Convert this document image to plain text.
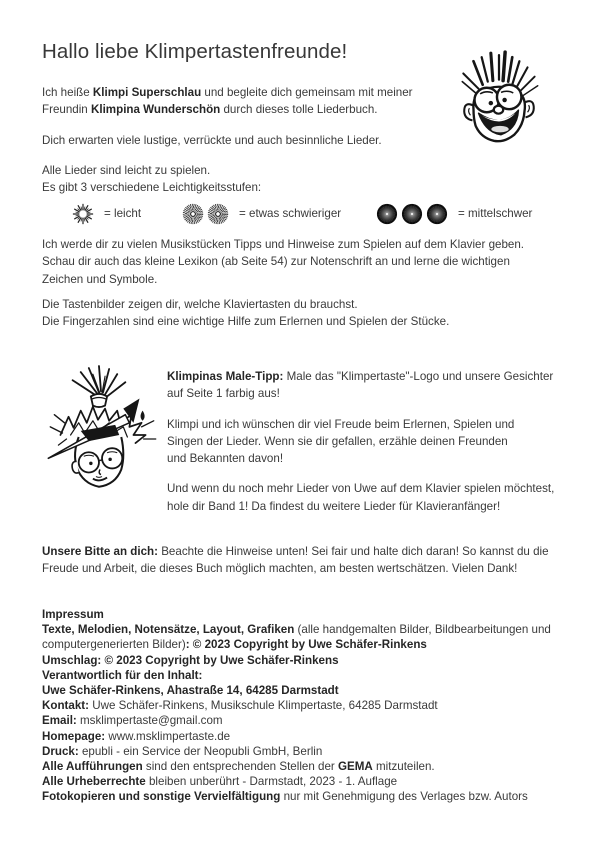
Hallo liebe Klimpertastenfreunde!

Ich heiße Klimpi Superschlau und begleite dich gemeinsam mit meiner
Freundin Klimpina Wunderschön durch dieses tolle Liederbuch.

Dich erwarten viele lustige, verrückte und auch besinnliche Lieder.

Alle Lieder sind leicht zu spielen.
Es gibt 3 verschiedene Leichtigkeitsstufen:

= leicht	= etwas schwieriger	= mittelschwer

Ich werde dir zu vielen Musikstücken Tipps und Hinweise zum Spielen auf dem Klavier geben.
Schau dir auch das kleine Lexikon (ab Seite 54) zur Notenschrift an und lerne die wichtigen
Zeichen und Symbole.

Die Tastenbilder zeigen dir, welche Klaviertasten du brauchst.
Die Fingerzahlen sind eine wichtige Hilfe zum Erlernen und Spielen der Stücke.

Klimpinas Male-Tipp: Male das "Klimpertaste"-Logo und unsere Gesichter
auf Seite 1 farbig aus!

Klimpi und ich wünschen dir viel Freude beim Erlernen, Spielen und
Singen der Lieder. Wenn sie dir gefallen, erzähle deinen Freunden
und Bekannten davon!

Und wenn du noch mehr Lieder von Uwe auf dem Klavier spielen möchtest,
hole dir Band 1! Da findest du weitere Lieder für Klavieranfänger!

Unsere Bitte an dich: Beachte die Hinweise unten! Sei fair und halte dich daran! So kannst du die
Freude und Arbeit, die dieses Buch möglich machten, am besten wertschätzen. Vielen Dank!

Impressum

Texte, Melodien, Notensätze, Layout, Grafiken (alle handgemalten Bilder, Bildbearbeitungen und
computergenerierten Bilder): © 2023 Copyright by Uwe Schäfer-Rinkens
Umschlag: © 2023 Copyright by Uwe Schäfer-Rinkens
Verantwortlich für den Inhalt:
Uwe Schäfer-Rinkens, Ahastraße 14, 64285 Darmstadt
Kontakt: Uwe Schäfer-Rinkens, Musikschule Klimpertaste, 64285 Darmstadt
Email: msklimpertaste@gmail.com
Homepage: www.msklimpertaste.de
Druck: epubli - ein Service der Neopubli GmbH, Berlin
Alle Aufführungen sind den entsprechenden Stellen der GEMA mitzuteilen.
Alle Urheberrechte bleiben unberührt - Darmstadt, 2023 - 1. Auflage
Fotokopieren und sonstige Vervielfältigung nur mit Genehmigung des Verlages bzw. Autors
